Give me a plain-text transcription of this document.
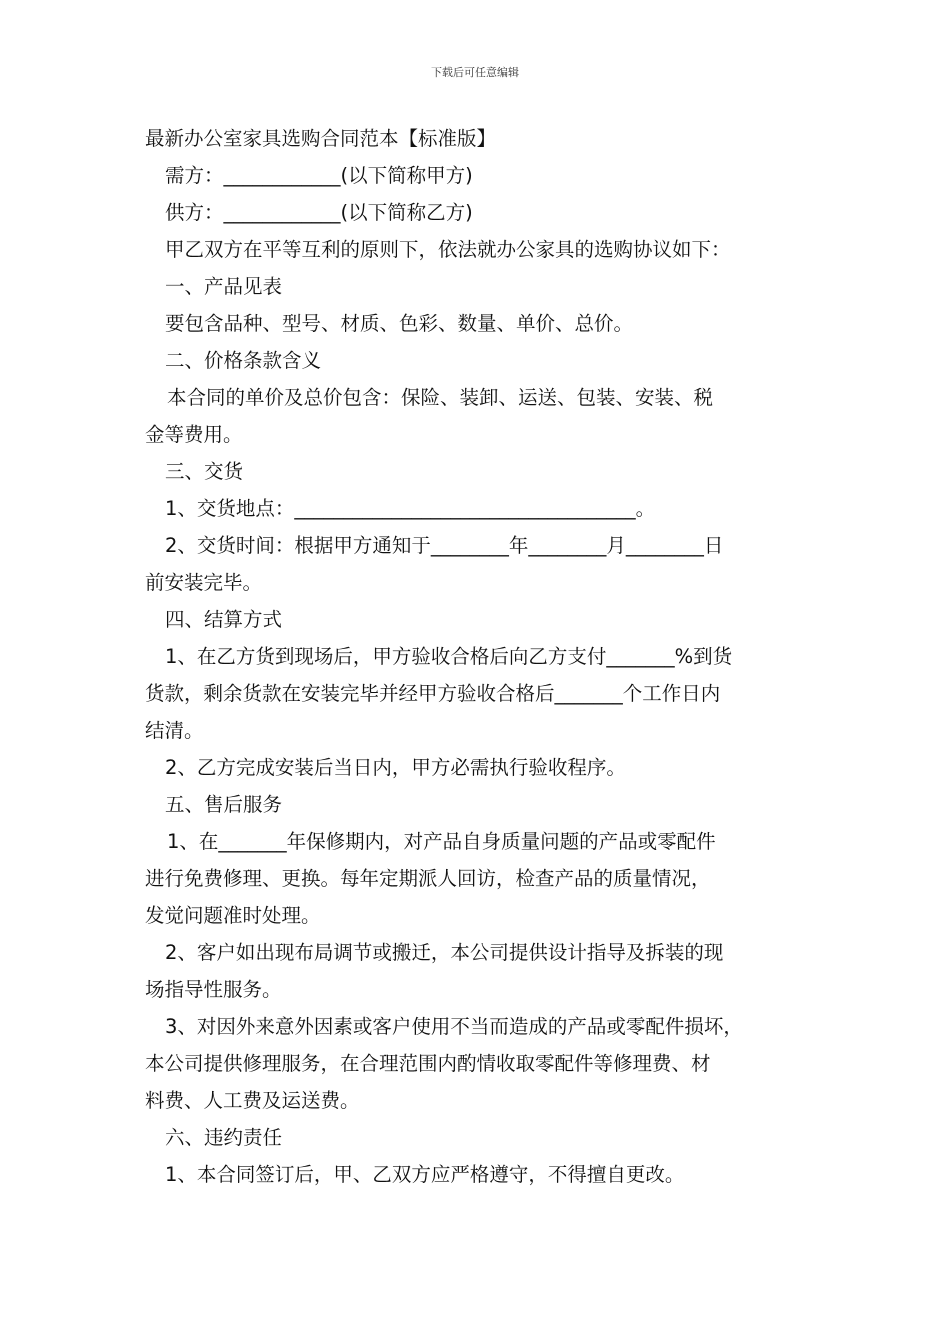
下载后可任意编辑
最新办公室家具选购合同范本【标准版】
需方：____________(以下简称甲方)
供方：____________(以下简称乙方)
甲乙双方在平等互利的原则下，依法就办公家具的选购协议如下：
一、产品见表
要包含品种、型号、材质、色彩、数量、单价、总价。
二、价格条款含义
本合同的单价及总价包含：保险、装卸、运送、包装、安装、税
金等费用。
三、交货
1、交货地点：___________________________________。
2、交货时间：根据甲方通知于________年________月________日
前安装完毕。
四、结算方式
1、在乙方货到现场后，甲方验收合格后向乙方支付_______%到货
货款，剩余货款在安装完毕并经甲方验收合格后_______个工作日内
结清。
2、乙方完成安装后当日内，甲方必需执行验收程序。
五、售后服务
1、在_______年保修期内，对产品自身质量问题的产品或零配件
进行免费修理、更换。每年定期派人回访，检查产品的质量情况，
发觉问题准时处理。
2、客户如出现布局调节或搬迁，本公司提供设计指导及拆装的现
场指导性服务。
3、对因外来意外因素或客户使用不当而造成的产品或零配件损坏，
本公司提供修理服务，在合理范围内酌情收取零配件等修理费、材
料费、人工费及运送费。
六、违约责任
1、本合同签订后，甲、乙双方应严格遵守，不得擅自更改。
